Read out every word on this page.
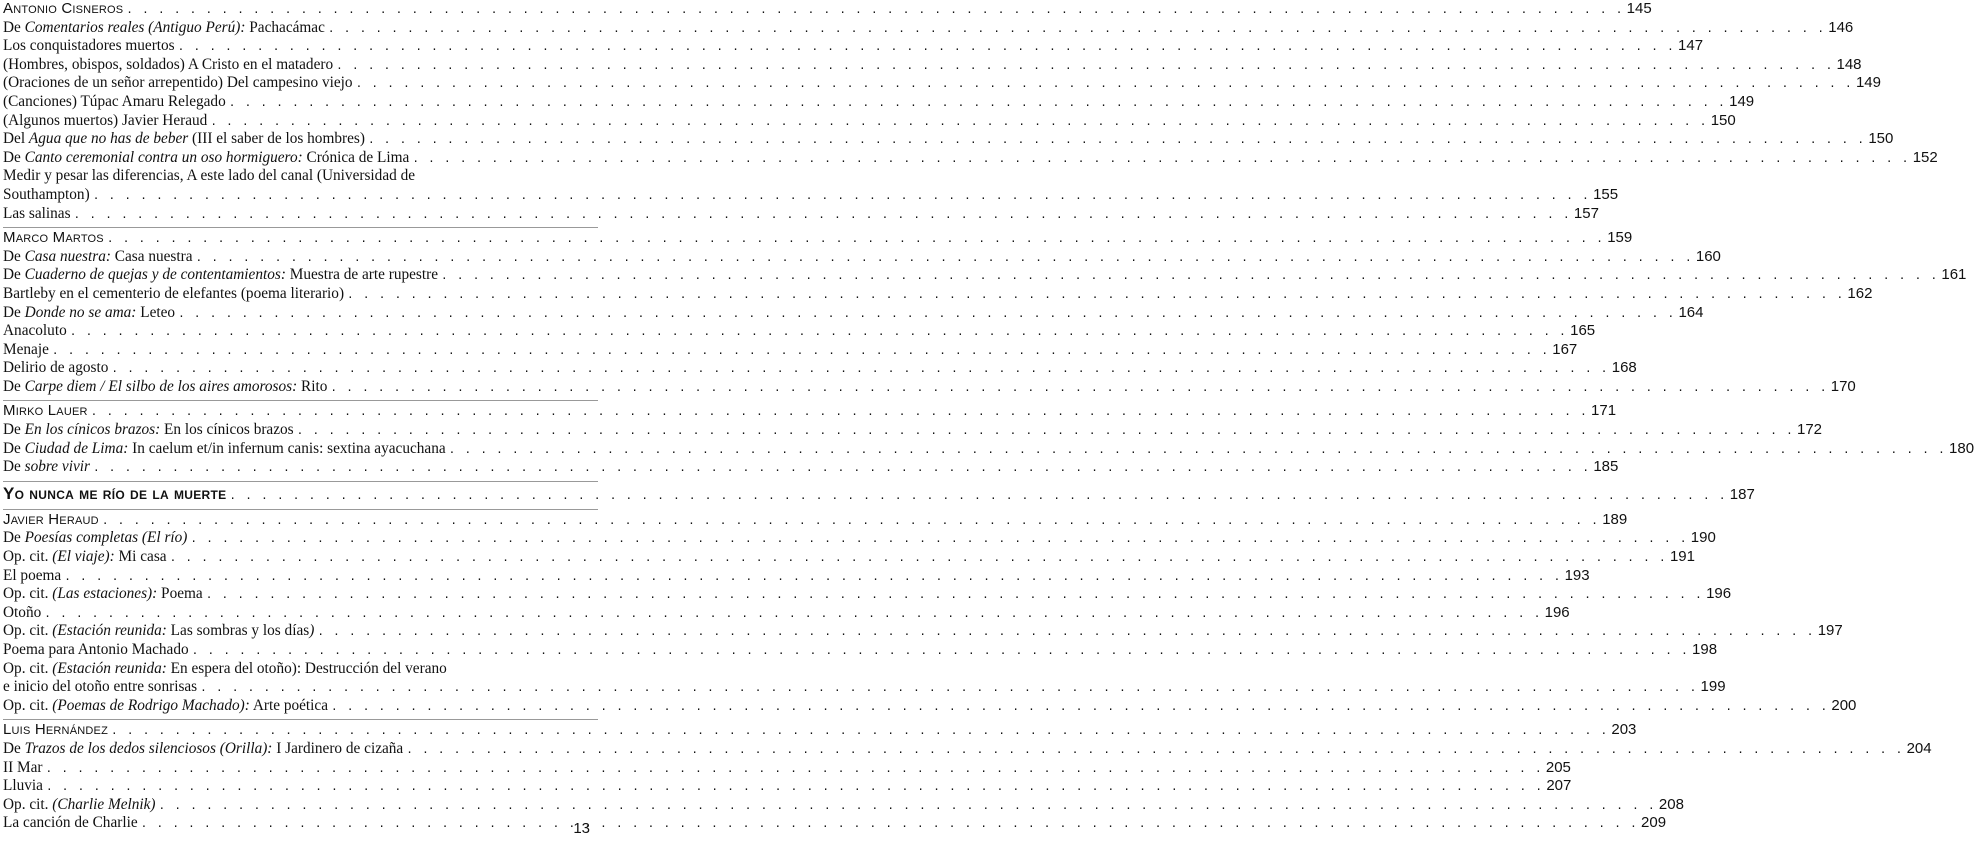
Antonio Cisneros . . .	145
De Comentarios reales (Antiguo Perú): Pachacámac . . .	146
Los conquistadores muertos . . .	147
(Hombres, obispos, soldados) A Cristo en el matadero . . .	148
(Oraciones de un señor arrepentido) Del campesino viejo . . .	149
(Canciones) Túpac Amaru Relegado . . .	149
(Algunos muertos) Javier Heraud . . .	150
Del Agua que no has de beber (III el saber de los hombres) . . .	150
De Canto ceremonial contra un oso hormiguero: Crónica de Lima . . .	152
Medir y pesar las diferencias, A este lado del canal (Universidad de
Southampton) . . .	155
Las salinas . . .	157
Marco Martos . . .	159
De Casa nuestra: Casa nuestra . . .	160
De Cuaderno de quejas y de contentamientos: Muestra de arte rupestre . . .	161
Bartleby en el cementerio de elefantes (poema literario) . . .	162
De Donde no se ama: Leteo . . .	164
Anacoluto . . .	165
Menaje . . .	167
Delirio de agosto . . .	168
De Carpe diem / El silbo de los aires amorosos: Rito . . .	170
Mirko Lauer . . .	171
De En los cínicos brazos: En los cínicos brazos . . .	172
De Ciudad de Lima: In caelum et/in infernum canis: sextina ayacuchana . . .	180
De sobre vivir . . .	185
Yo nunca me río de la muerte . . .	187
Javier Heraud . . .	189
De Poesías completas (El río) . . .	190
Op. cit. (El viaje): Mi casa . . .	191
El poema . . .	193
Op. cit. (Las estaciones): Poema . . .	196
Otoño . . .	196
Op. cit. (Estación reunida: Las sombras y los días) . . .	197
Poema para Antonio Machado . . .	198
Op. cit. (Estación reunida: En espera del otoño): Destrucción del verano
e inicio del otoño entre sonrisas . . .	199
Op. cit. (Poemas de Rodrigo Machado): Arte poética . . .	200
Luis Hernández . . .	203
De Trazos de los dedos silenciosos (Orilla): I Jardinero de cizaña . . .	204
II Mar . . .	205
Lluvia . . .	207
Op. cit. (Charlie Melnik) . . .	208
La canción de Charlie . . .	209
13
